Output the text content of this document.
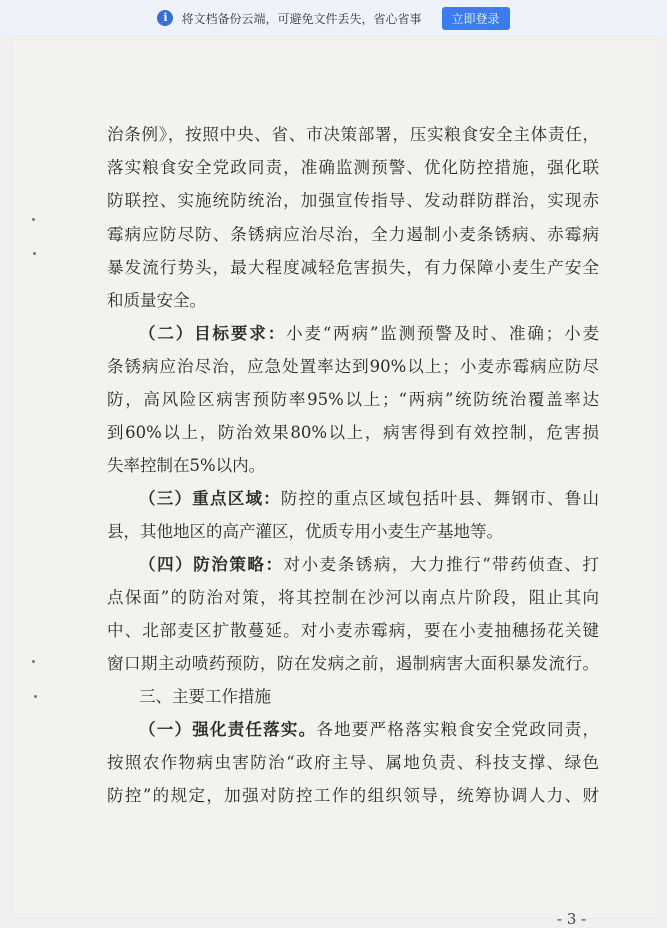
i	将文档备份云端，可避免文件丢失，省心省事	立即登录
治条例》，按照中央、省、市决策部署，压实粮食安全主体责任，
落实粮食安全党政同责，准确监测预警、优化防控措施，强化联
防联控、实施统防统治，加强宣传指导、发动群防群治，实现赤
霉病应防尽防、条锈病应治尽治，全力遏制小麦条锈病、赤霉病
暴发流行势头，最大程度减轻危害损失，有力保障小麦生产安全
和质量安全。
（二）目标要求：小麦“两病”监测预警及时、准确；小麦
条锈病应治尽治，应急处置率达到90%以上；小麦赤霉病应防尽
防，高风险区病害预防率95%以上；“两病”统防统治覆盖率达
到60%以上，防治效果80%以上，病害得到有效控制，危害损
失率控制在5%以内。
（三）重点区域：防控的重点区域包括叶县、舞钢市、鲁山
县，其他地区的高产灌区，优质专用小麦生产基地等。
（四）防治策略：对小麦条锈病，大力推行“带药侦查、打
点保面”的防治对策，将其控制在沙河以南点片阶段，阻止其向
中、北部麦区扩散蔓延。对小麦赤霉病，要在小麦抽穗扬花关键
窗口期主动喷药预防，防在发病之前，遏制病害大面积暴发流行。
三、主要工作措施
（一）强化责任落实。各地要严格落实粮食安全党政同责，
按照农作物病虫害防治“政府主导、属地负责、科技支撑、绿色
防控”的规定，加强对防控工作的组织领导，统筹协调人力、财
- 3 -
